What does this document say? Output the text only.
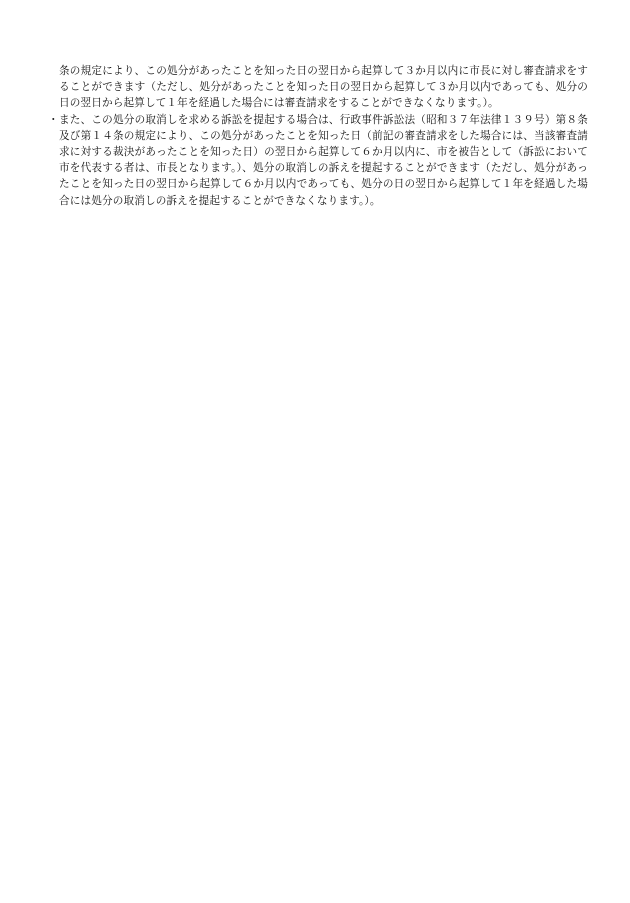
条の規定により、この処分があったことを知った日の翌日から起算して３か月以内に市長に対し審査請求をすることができます（ただし、処分があったことを知った日の翌日から起算して３か月以内であっても、処分の日の翌日から起算して１年を経過した場合には審査請求をすることができなくなります。）。

・ また、この処分の取消しを求める訴訟を提起する場合は、行政事件訴訟法（昭和３７年法律１３９号）第８条及び第１４条の規定により、この処分があったことを知った日（前記の審査請求をした場合には、当該審査請求に対する裁決があったことを知った日）の翌日から起算して６か月以内に、市を被告として（訴訟において市を代表する者は、市長となります。）、処分の取消しの訴えを提起することができます（ただし、処分があったことを知った日の翌日から起算して６か月以内であっても、処分の日の翌日から起算して１年を経過した場合には処分の取消しの訴えを提起することができなくなります。）。
